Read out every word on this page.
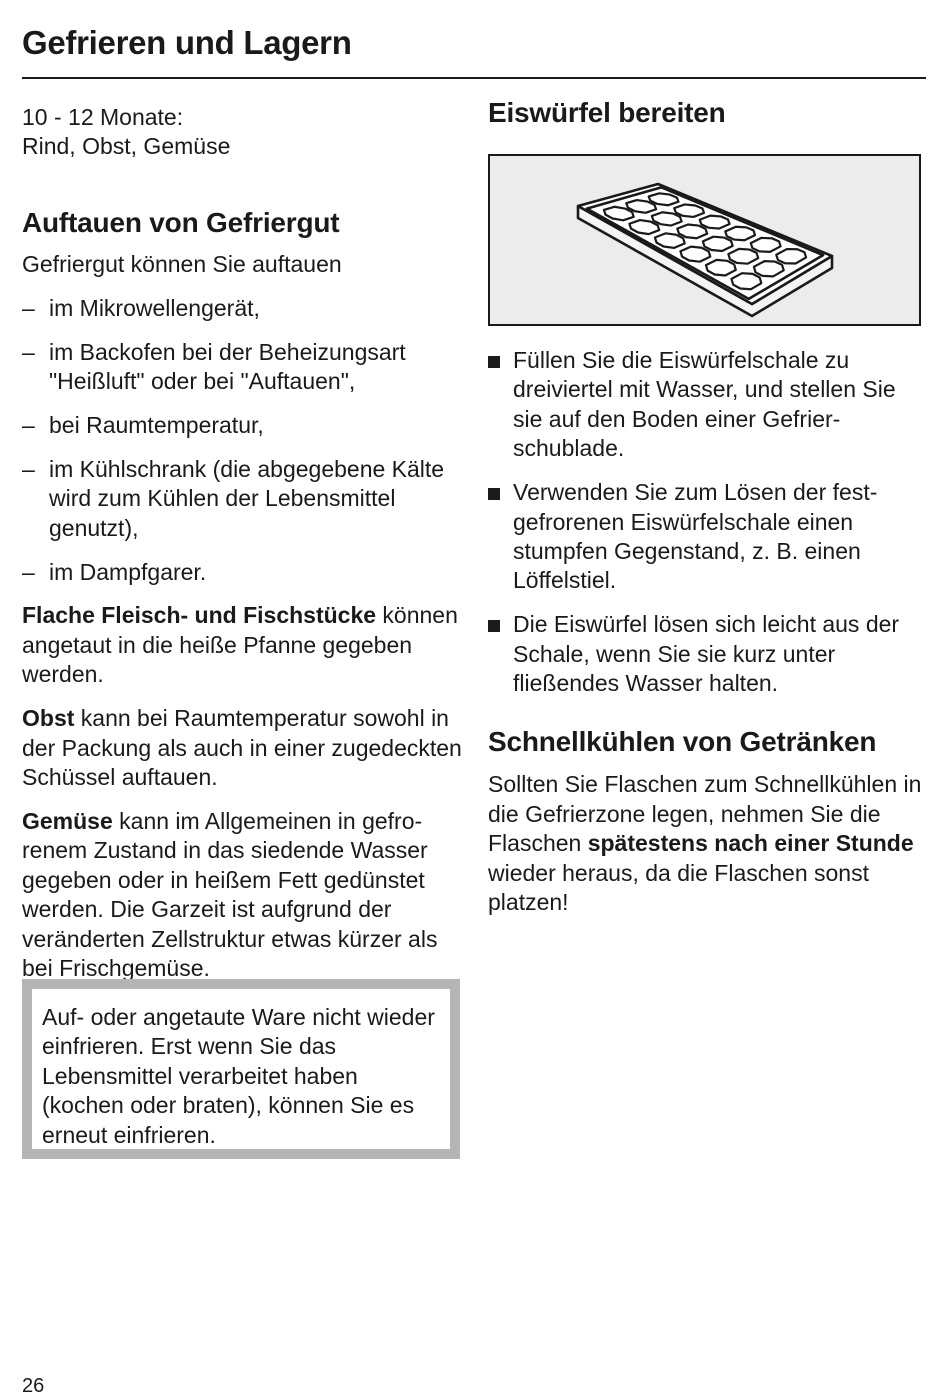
Gefrieren und Lagern

10 - 12 Monate:
Rind, Obst, Gemüse

Auftauen von Gefriergut

Gefriergut können Sie auftauen

– im Mikrowellengerät,
– im Backofen bei der Beheizungsart "Heißluft" oder bei "Auftauen",
– bei Raumtemperatur,
– im Kühlschrank (die abgegebene Kälte wird zum Kühlen der Lebensmittel genutzt),
– im Dampfgarer.

Flache Fleisch- und Fischstücke können angetaut in die heiße Pfanne gegeben werden.

Obst kann bei Raumtemperatur sowohl in der Packung als auch in einer zugedeckten Schüssel auftauen.

Gemüse kann im Allgemeinen in gefrorenem Zustand in das siedende Wasser gegeben oder in heißem Fett gedünstet werden. Die Garzeit ist aufgrund der veränderten Zellstruktur etwas kürzer als bei Frischgemüse.

Auf- oder angetaute Ware nicht wieder einfrieren. Erst wenn Sie das Lebensmittel verarbeitet haben (kochen oder braten), können Sie es erneut einfrieren.

Eiswürfel bereiten
Füllen Sie die Eiswürfelschale zu dreiviertel mit Wasser, und stellen Sie sie auf den Boden einer Gefrierschublade.
Verwenden Sie zum Lösen der festgefrorenen Eiswürfelschale einen stumpfen Gegenstand, z. B. einen Löffelstiel.
Die Eiswürfel lösen sich leicht aus der Schale, wenn Sie sie kurz unter fließendes Wasser halten.
Schnellkühlen von Getränken

Sollten Sie Flaschen zum Schnellkühlen in die Gefrierzone legen, nehmen Sie die Flaschen spätestens nach einer Stunde wieder heraus, da die Flaschen sonst platzen!

26
